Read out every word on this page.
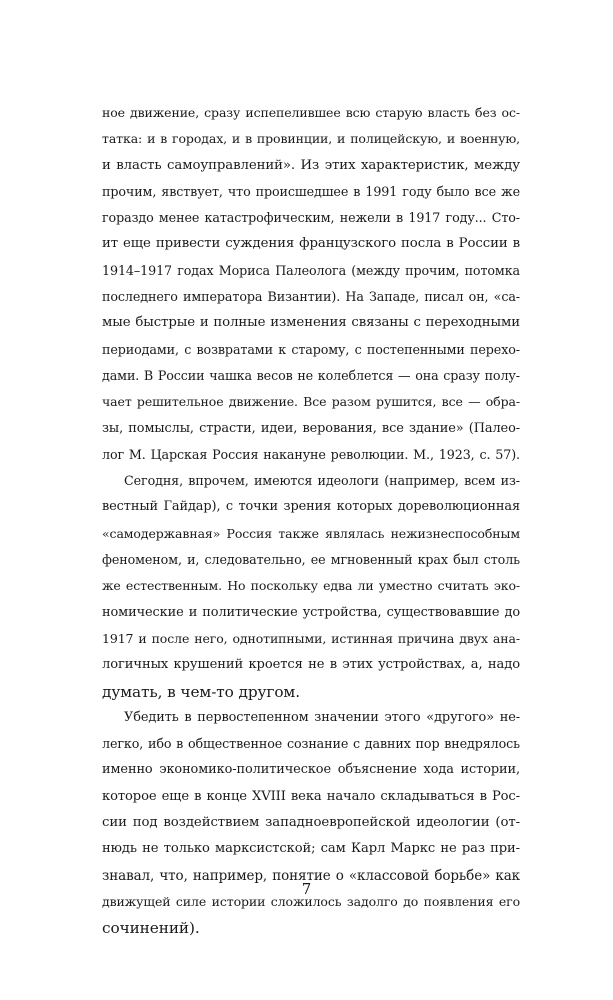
ное движение, сразу испепелившее всю старую власть без ос-
татка: и в городах, и в провинции, и полицейскую, и военную,
и власть самоуправлений». Из этих характеристик, между
прочим, явствует, что происшедшее в 1991 году было все же
гораздо менее катастрофическим, нежели в 1917 году... Сто-
ит еще привести суждения французского посла в России в
1914–1917 годах Мориса Палеолога (между прочим, потомка
последнего императора Византии). На Западе, писал он, «са-
мые быстрые и полные изменения связаны с переходными
периодами, с возвратами к старому, с постепенными перехо-
дами. В России чашка весов не колеблется — она сразу полу-
чает решительное движение. Все разом рушится, все — обра-
зы, помыслы, страсти, идеи, верования, все здание» (Палео-
лог М. Царская Россия накануне революции. М., 1923, с. 57).
Сегодня, впрочем, имеются идеологи (например, всем из-
вестный Гайдар), с точки зрения которых дореволюционная
«самодержавная» Россия также являлась нежизнеспособным
феноменом, и, следовательно, ее мгновенный крах был столь
же естественным. Но поскольку едва ли уместно считать эко-
номические и политические устройства, существовавшие до
1917 и после него, однотипными, истинная причина двух ана-
логичных крушений кроется не в этих устройствах, а, надо
думать, в чем-то другом.
Убедить в первостепенном значении этого «другого» не-
легко, ибо в общественное сознание с давних пор внедрялось
именно экономико-политическое объяснение хода истории,
которое еще в конце XVIII века начало складываться в Рос-
сии под воздействием западноевропейской идеологии (от-
нюдь не только марксистской; сам Карл Маркс не раз при-
знавал, что, например, понятие о «классовой борьбе» как
движущей силе истории сложилось задолго до появления его
сочинений).
7
